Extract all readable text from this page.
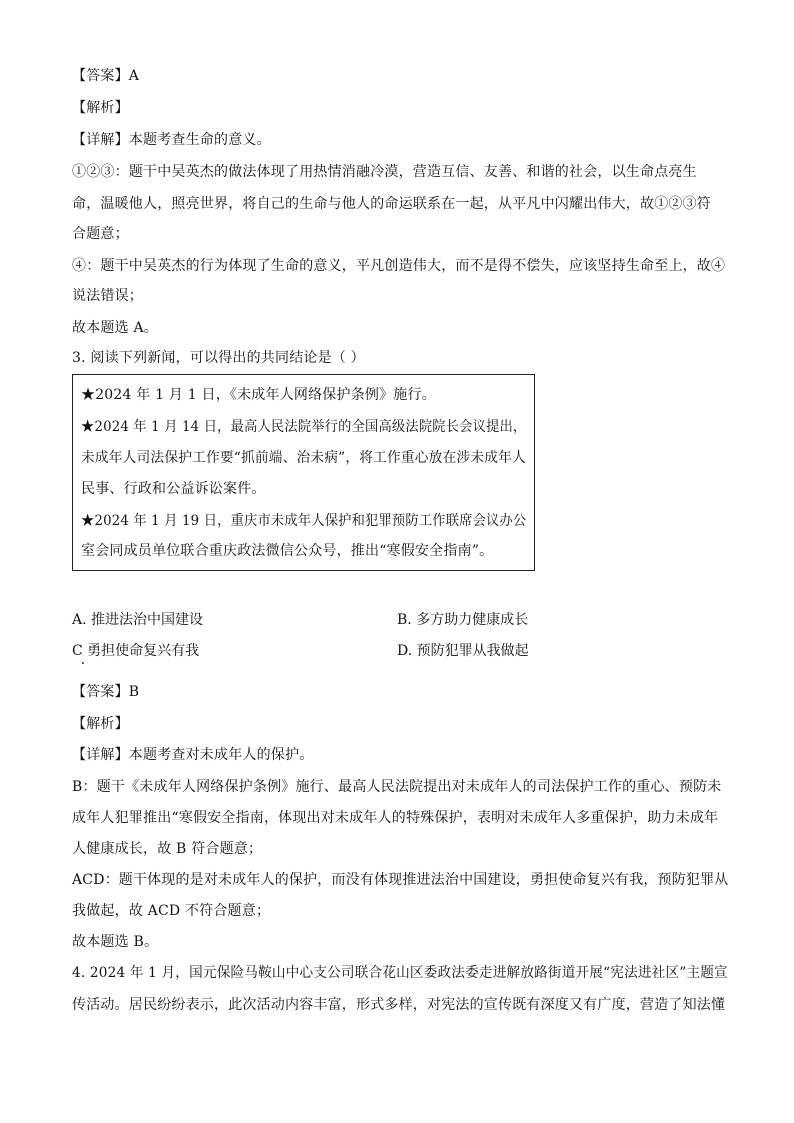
【答案】A
【解析】
【详解】本题考查生命的意义。
①②③：题干中吴英杰的做法体现了用热情消融冷漠，营造互信、友善、和谐的社会，以生命点亮生
命，温暖他人，照亮世界，将自己的生命与他人的命运联系在一起，从平凡中闪耀出伟大，故①②③符
合题意；
④：题干中吴英杰的行为体现了生命的意义，平凡创造伟大，而不是得不偿失，应该坚持生命至上，故④
说法错误；
故本题选 A。
3. 阅读下列新闻，可以得出的共同结论是（ ）
★2024 年 1 月 1 日，《未成年人网络保护条例》施行。
★2024 年 1 月 14 日，最高人民法院举行的全国高级法院院长会议提出，
未成年人司法保护工作要“抓前端、治未病”，将工作重心放在涉未成年人
民事、行政和公益诉讼案件。
★2024 年 1 月 19 日，重庆市未成年人保护和犯罪预防工作联席会议办公
室会同成员单位联合重庆政法微信公众号，推出“寒假安全指南”。
A. 推进法治中国建设	B. 多方助力健康成长
C 勇担使命复兴有我	D. 预防犯罪从我做起
【答案】B
【解析】
【详解】本题考查对未成年人的保护。
B：题干《未成年人网络保护条例》施行、最高人民法院提出对未成年人的司法保护工作的重心、预防未
成年人犯罪推出“寒假安全指南，体现出对未成年人的特殊保护，表明对未成年人多重保护，助力未成年
人健康成长，故 B 符合题意；
ACD：题干体现的是对未成年人的保护，而没有体现推进法治中国建设，勇担使命复兴有我，预防犯罪从
我做起，故 ACD 不符合题意；
故本题选 B。
4. 2024 年 1 月，国元保险马鞍山中心支公司联合花山区委政法委走进解放路街道开展“宪法进社区”主题宣
传活动。居民纷纷表示，此次活动内容丰富，形式多样，对宪法的宣传既有深度又有广度，营造了知法懂
